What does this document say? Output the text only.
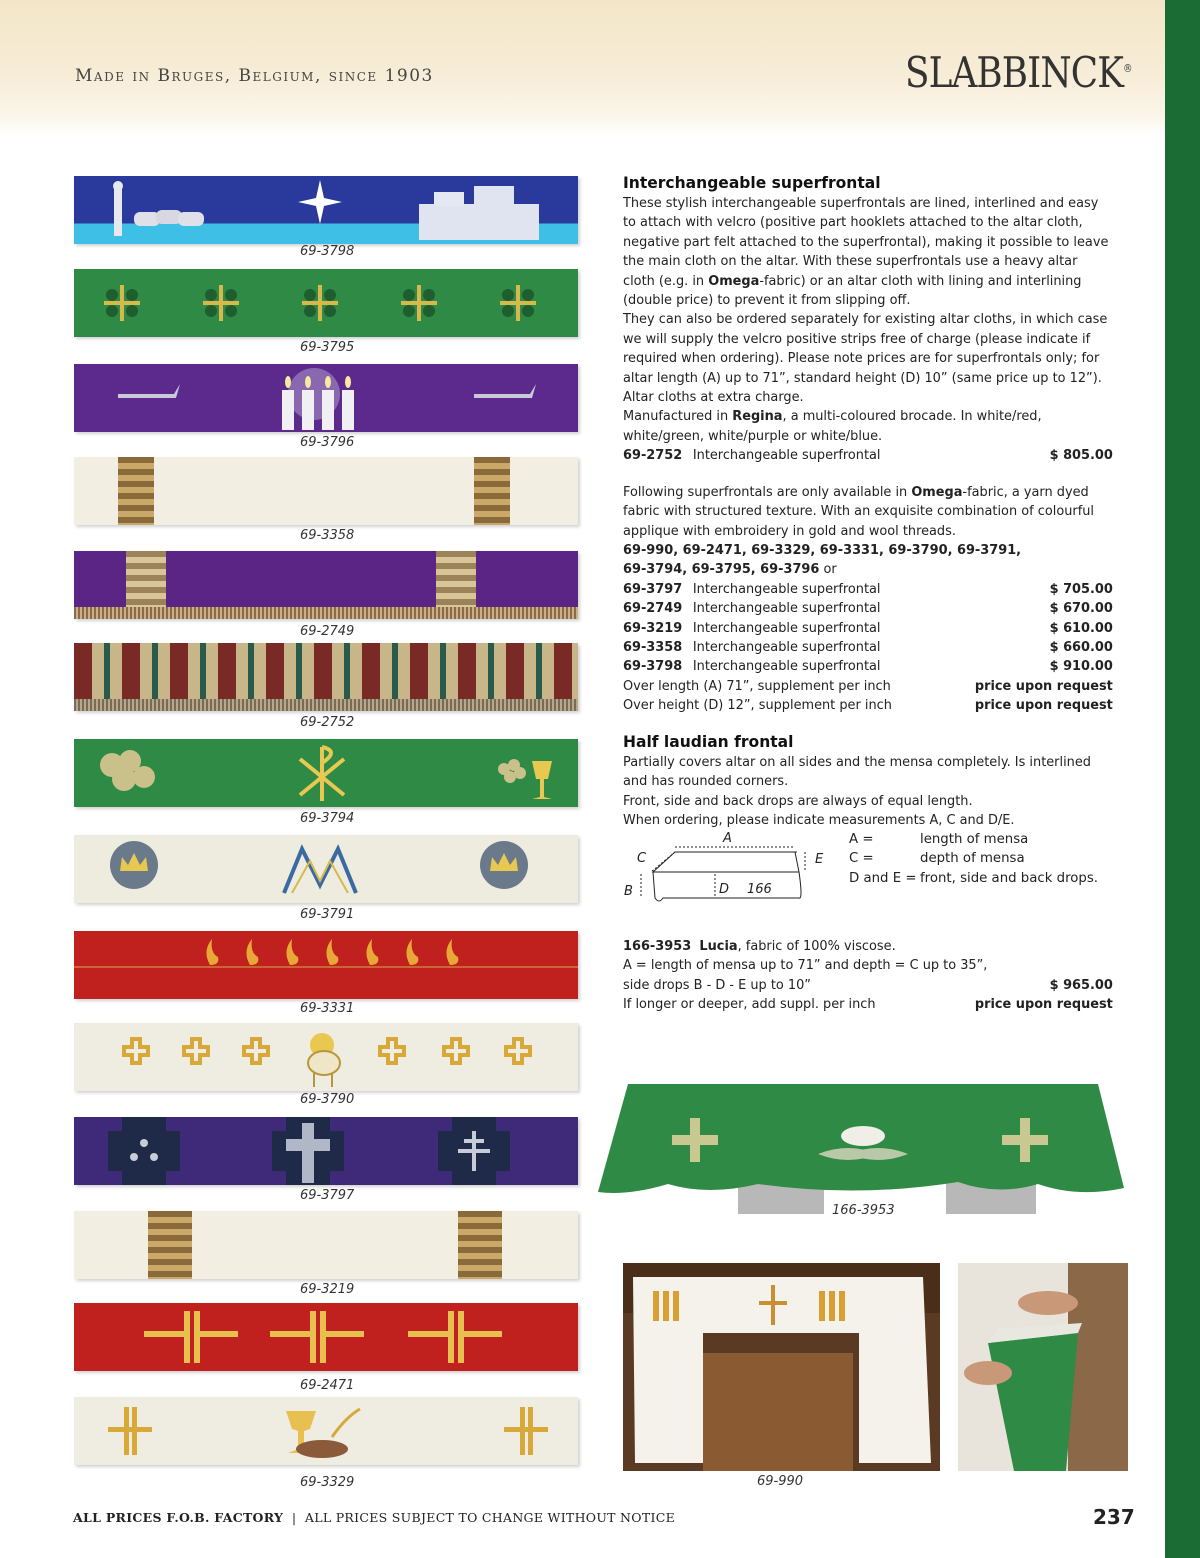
Made in Bruges, Belgium, since 1903	SLABBINCK®
69-3798
69-3795
69-3796
69-3358
69-2749
69-2752
69-3794
69-3791
69-3331
69-3790
69-3797
69-3219
69-2471
69-3329
Interchangeable superfrontal
These stylish interchangeable superfrontals are lined, interlined and easy to attach with velcro (positive part hooklets attached to the altar cloth, negative part felt attached to the superfrontal), making it possible to leave the main cloth on the altar. With these superfrontals use a heavy altar cloth (e.g. in Omega-fabric) or an altar cloth with lining and interlining (double price) to prevent it from slipping off.
They can also be ordered separately for existing altar cloths, in which case we will supply the velcro positive strips free of charge (please indicate if required when ordering). Please note prices are for superfrontals only; for altar length (A) up to 71”, standard height (D) 10” (same price up to 12”). Altar cloths at extra charge.
Manufactured in Regina, a multi-coloured brocade. In white/red, white/green, white/purple or white/blue.
69-2752 Interchangeable superfrontal	$ 805.00
Following superfrontals are only available in Omega-fabric, a yarn dyed fabric with structured texture. With an exquisite combination of colourful applique with embroidery in gold and wool threads.
69-990, 69-2471, 69-3329, 69-3331, 69-3790, 69-3791,
69-3794, 69-3795, 69-3796 or
69-3797 Interchangeable superfrontal	$ 705.00
69-2749 Interchangeable superfrontal	$ 670.00
69-3219 Interchangeable superfrontal	$ 610.00
69-3358 Interchangeable superfrontal	$ 660.00
69-3798 Interchangeable superfrontal	$ 910.00
Over length (A) 71”, supplement per inch	price upon request
Over height (D) 12”, supplement per inch	price upon request
Half laudian frontal
Partially covers altar on all sides and the mensa completely. Is interlined and has rounded corners.
Front, side and back drops are always of equal length.
When ordering, please indicate measurements A, C and D/E.
A
C	E
B	D 166
A =	length of mensa
C =	depth of mensa
D and E = front, side and back drops.
166-3953 Lucia, fabric of 100% viscose.
A = length of mensa up to 71” and depth = C up to 35”,
side drops B - D - E up to 10”	$ 965.00
If longer or deeper, add suppl. per inch	price upon request
166-3953
69-990
ALL PRICES F.O.B. FACTORY | ALL PRICES SUBJECT TO CHANGE WITHOUT NOTICE	237
